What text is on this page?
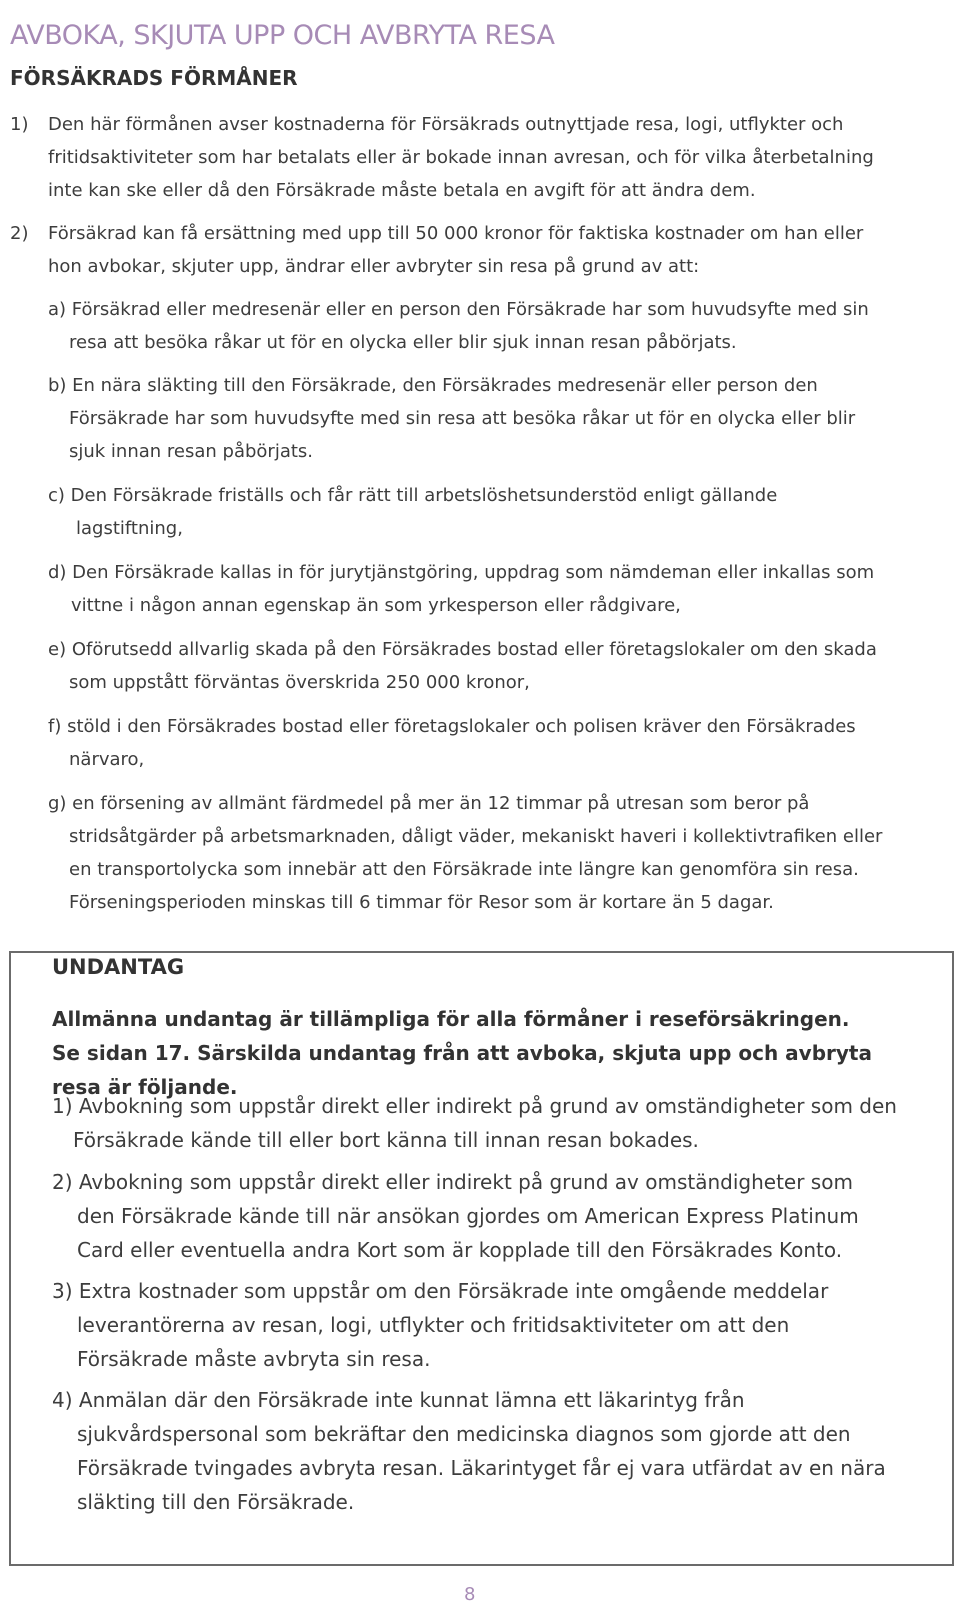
AVBOKA, SKJUTA UPP OCH AVBRYTA RESA
FÖRSÄKRADS FÖRMÅNER
1) Den här förmånen avser kostnaderna för Försäkrads outnyttjade resa, logi, utflykter och
fritidsaktiviteter som har betalats eller är bokade innan avresan, och för vilka återbetalning
inte kan ske eller då den Försäkrade måste betala en avgift för att ändra dem.
2) Försäkrad kan få ersättning med upp till 50 000 kronor för faktiska kostnader om han eller
hon avbokar, skjuter upp, ändrar eller avbryter sin resa på grund av att:
a) Försäkrad eller medresenär eller en person den Försäkrade har som huvudsyfte med sin
resa att besöka råkar ut för en olycka eller blir sjuk innan resan påbörjats.
b) En nära släkting till den Försäkrade, den Försäkrades medresenär eller person den
Försäkrade har som huvudsyfte med sin resa att besöka råkar ut för en olycka eller blir
sjuk innan resan påbörjats.
c) Den Försäkrade friställs och får rätt till arbetslöshetsunderstöd enligt gällande
lagstiftning,
d) Den Försäkrade kallas in för jurytjänstgöring, uppdrag som nämdeman eller inkallas som
vittne i någon annan egenskap än som yrkesperson eller rådgivare,
e) Oförutsedd allvarlig skada på den Försäkrades bostad eller företagslokaler om den skada
som uppstått förväntas överskrida 250 000 kronor,
f) stöld i den Försäkrades bostad eller företagslokaler och polisen kräver den Försäkrades
närvaro,
g) en försening av allmänt färdmedel på mer än 12 timmar på utresan som beror på
stridsåtgärder på arbetsmarknaden, dåligt väder, mekaniskt haveri i kollektivtrafiken eller
en transportolycka som innebär att den Försäkrade inte längre kan genomföra sin resa.
Förseningsperioden minskas till 6 timmar för Resor som är kortare än 5 dagar.
UNDANTAG
Allmänna undantag är tillämpliga för alla förmåner i reseförsäkringen.
Se sidan 17. Särskilda undantag från att avboka, skjuta upp och avbryta
resa är följande.
1) Avbokning som uppstår direkt eller indirekt på grund av omständigheter som den
Försäkrade kände till eller bort känna till innan resan bokades.
2) Avbokning som uppstår direkt eller indirekt på grund av omständigheter som
den Försäkrade kände till när ansökan gjordes om American Express Platinum
Card eller eventuella andra Kort som är kopplade till den Försäkrades Konto.
3) Extra kostnader som uppstår om den Försäkrade inte omgående meddelar
leverantörerna av resan, logi, utflykter och fritidsaktiviteter om att den
Försäkrade måste avbryta sin resa.
4) Anmälan där den Försäkrade inte kunnat lämna ett läkarintyg från
sjukvårdspersonal som bekräftar den medicinska diagnos som gjorde att den
Försäkrade tvingades avbryta resan. Läkarintyget får ej vara utfärdat av en nära
släkting till den Försäkrade.
8
